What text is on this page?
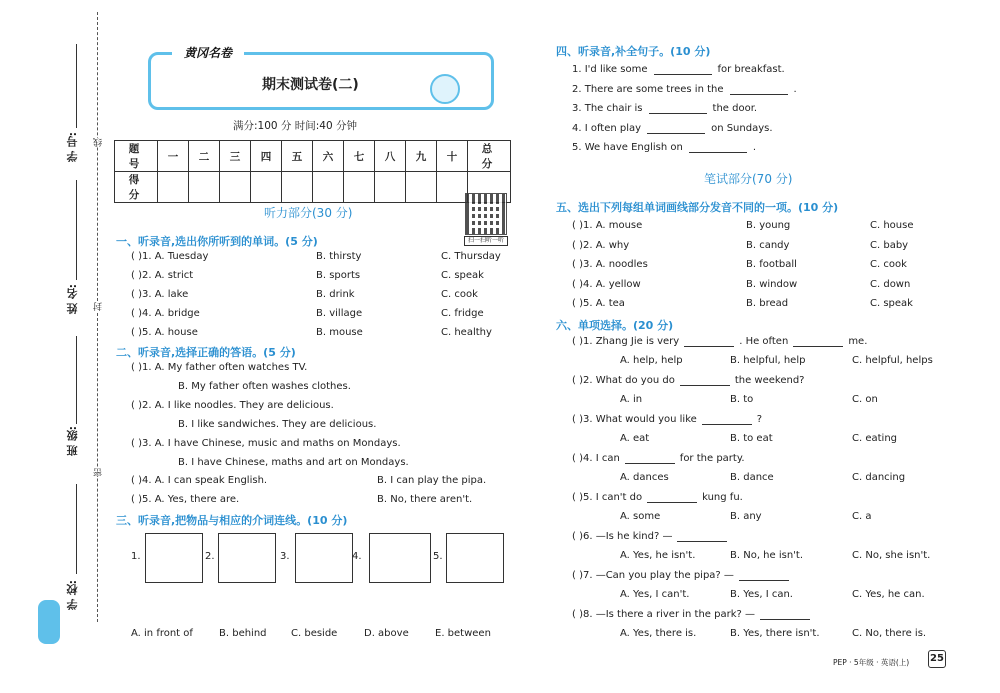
线
封
密
学 号:
姓 名:
班 级:
学 校:
黄冈名卷
期末测试卷(二)
满分:100 分 时间:40 分钟
题 号	一	二	三	四	五	六	七	八	九	十	总 分
得 分											
扫一扫听一听
听力部分(30 分)
一、听录音,选出你所听到的单词。(5 分)
( )1. A. Tuesday	B. thirsty	C. Thursday
( )2. A. strict	B. sports	C. speak
( )3. A. lake	B. drink	C. cook
( )4. A. bridge	B. village	C. fridge
( )5. A. house	B. mouse	C. healthy
二、听录音,选择正确的答语。(5 分)
( )1. A. My father often watches TV.
B. My father often washes clothes.
( )2. A. I like noodles. They are delicious.
B. I like sandwiches. They are delicious.
( )3. A. I have Chinese, music and maths on Mondays.
B. I have Chinese, maths and art on Mondays.
( )4. A. I can speak English.	B. I can play the pipa.
( )5. A. Yes, there are.	B. No, there aren't.
三、听录音,把物品与相应的介词连线。(10 分)
1.	2.	3.	4.	5.
A. in front of	B. behind C. beside	D. above	E. between
四、听录音,补全句子。(10 分)
1. I'd like some	for breakfast.
2. There are some trees in the	.
3. The chair is	the door.
4. I often play	on Sundays.
5. We have English on	.
笔试部分(70 分)
五、选出下列每组单词画线部分发音不同的一项。(10 分)
( )1. A. mouse	B. young	C. house
( )2. A. why	B. candy	C. baby
( )3. A. noodles	B. football	C. cook
( )4. A. yellow	B. window	C. down
( )5. A. tea	B. bread	C. speak
六、单项选择。(20 分)
( )1. Zhang Jie is very	. He often	me.
A. help, help	B. helpful, help	C. helpful, helps
( )2. What do you do	the weekend?
A. in	B. to	C. on
( )3. What would you like	?
A. eat	B. to eat	C. eating
( )4. I can	for the party.
A. dances	B. dance	C. dancing
( )5. I can't do	kung fu.
A. some	B. any	C. a
( )6. —Is he kind? —
A. Yes, he isn't.	B. No, he isn't.	C. No, she isn't.
( )7. —Can you play the pipa? —
A. Yes, I can't.	B. Yes, I can.	C. Yes, he can.
( )8. —Is there a river in the park? —
A. Yes, there is.	B. Yes, there isn't.	C. No, there is.
PEP · 5年级 · 英语(上) 25
